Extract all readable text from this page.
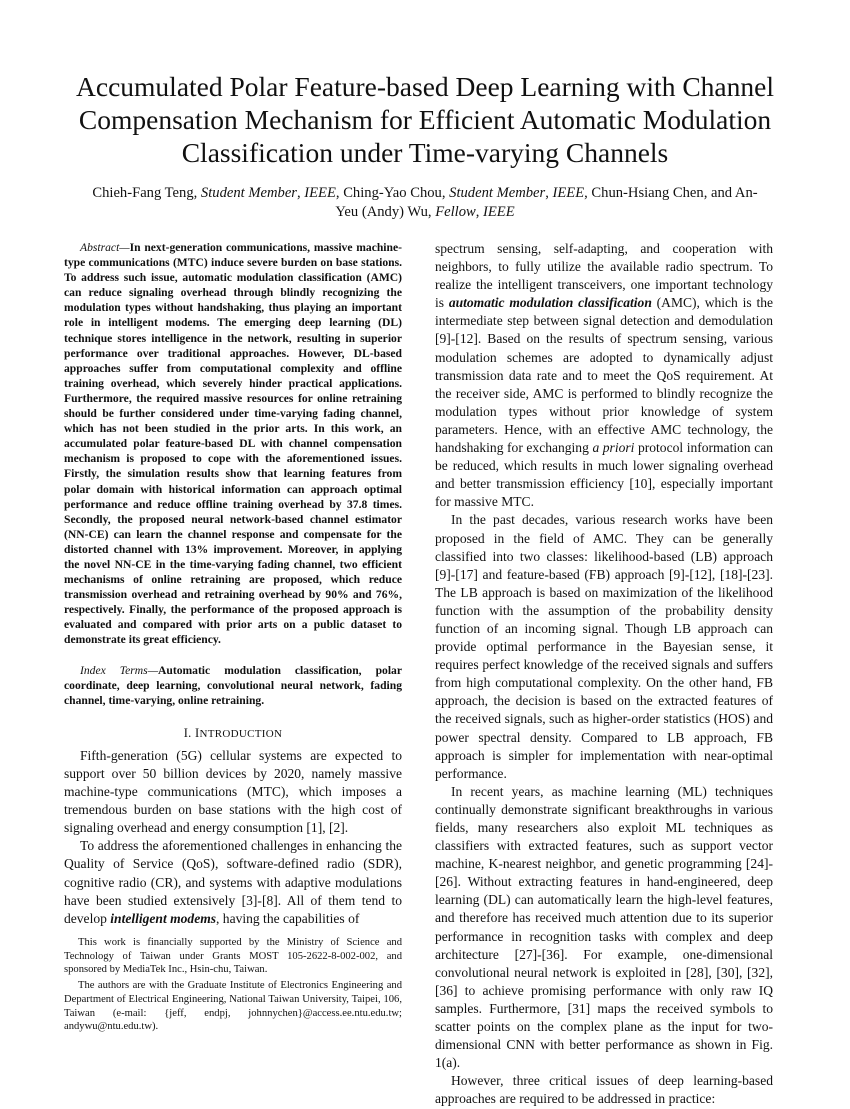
Accumulated Polar Feature-based Deep Learning with Channel Compensation Mechanism for Efficient Automatic Modulation Classification under Time-varying Channels
Chieh-Fang Teng, Student Member, IEEE, Ching-Yao Chou, Student Member, IEEE, Chun-Hsiang Chen, and An-Yeu (Andy) Wu, Fellow, IEEE

Abstract—In next-generation communications, massive machine-type communications (MTC) induce severe burden on base stations. To address such issue, automatic modulation classification (AMC) can reduce signaling overhead through blindly recognizing the modulation types without handshaking, thus playing an important role in intelligent modems. The emerging deep learning (DL) technique stores intelligence in the network, resulting in superior performance over traditional approaches. However, DL-based approaches suffer from computational complexity and offline training overhead, which severely hinder practical applications. Furthermore, the required massive resources for online retraining should be further considered under time-varying fading channel, which has not been studied in the prior arts. In this work, an accumulated polar feature-based DL with channel compensation mechanism is proposed to cope with the aforementioned issues. Firstly, the simulation results show that learning features from polar domain with historical information can approach optimal performance and reduce offline training overhead by 37.8 times. Secondly, the proposed neural network-based channel estimator (NN-CE) can learn the channel response and compensate for the distorted channel with 13% improvement. Moreover, in applying the novel NN-CE in the time-varying fading channel, two efficient mechanisms of online retraining are proposed, which reduce transmission overhead and retraining overhead by 90% and 76%, respectively. Finally, the performance of the proposed approach is evaluated and compared with prior arts on a public dataset to demonstrate its great efficiency.

Index Terms—Automatic modulation classification, polar coordinate, deep learning, convolutional neural network, fading channel, time-varying, online retraining.

I. INTRODUCTION

Fifth-generation (5G) cellular systems are expected to support over 50 billion devices by 2020, namely massive machine-type communications (MTC), which imposes a tremendous burden on base stations with the high cost of signaling overhead and energy consumption [1], [2].

To address the aforementioned challenges in enhancing the Quality of Service (QoS), software-defined radio (SDR), cognitive radio (CR), and systems with adaptive modulations have been studied extensively [3]-[8]. All of them tend to develop intelligent modems, having the capabilities of

This work is financially supported by the Ministry of Science and Technology of Taiwan under Grants MOST 105-2622-8-002-002, and sponsored by MediaTek Inc., Hsin-chu, Taiwan.

The authors are with the Graduate Institute of Electronics Engineering and Department of Electrical Engineering, National Taiwan University, Taipei, 106, Taiwan (e-mail: {jeff, endpj, johnnychen}@access.ee.ntu.edu.tw; andywu@ntu.edu.tw).

spectrum sensing, self-adapting, and cooperation with neighbors, to fully utilize the available radio spectrum. To realize the intelligent transceivers, one important technology is automatic modulation classification (AMC), which is the intermediate step between signal detection and demodulation [9]-[12]. Based on the results of spectrum sensing, various modulation schemes are adopted to dynamically adjust transmission data rate and to meet the QoS requirement. At the receiver side, AMC is performed to blindly recognize the modulation types without prior knowledge of system parameters. Hence, with an effective AMC technology, the handshaking for exchanging a priori protocol information can be reduced, which results in much lower signaling overhead and better transmission efficiency [10], especially important for massive MTC.

In the past decades, various research works have been proposed in the field of AMC. They can be generally classified into two classes: likelihood-based (LB) approach [9]-[17] and feature-based (FB) approach [9]-[12], [18]-[23]. The LB approach is based on maximization of the likelihood function with the assumption of the probability density function of an incoming signal. Though LB approach can provide optimal performance in the Bayesian sense, it requires perfect knowledge of the received signals and suffers from high computational complexity. On the other hand, FB approach, the decision is based on the extracted features of the received signals, such as higher-order statistics (HOS) and power spectral density. Compared to LB approach, FB approach is simpler for implementation with near-optimal performance.

In recent years, as machine learning (ML) techniques continually demonstrate significant breakthroughs in various fields, many researchers also exploit ML techniques as classifiers with extracted features, such as support vector machine, K-nearest neighbor, and genetic programming [24]-[26]. Without extracting features in hand-engineered, deep learning (DL) can automatically learn the high-level features, and therefore has received much attention due to its superior performance in recognition tasks with complex and deep architecture [27]-[36]. For example, one-dimensional convolutional neural network is exploited in [28], [30], [32], [36] to achieve promising performance with only raw IQ samples. Furthermore, [31] maps the received symbols to scatter points on the complex plane as the input for two-dimensional CNN with better performance as shown in Fig. 1(a).

However, three critical issues of deep learning-based approaches are required to be addressed in practice:
